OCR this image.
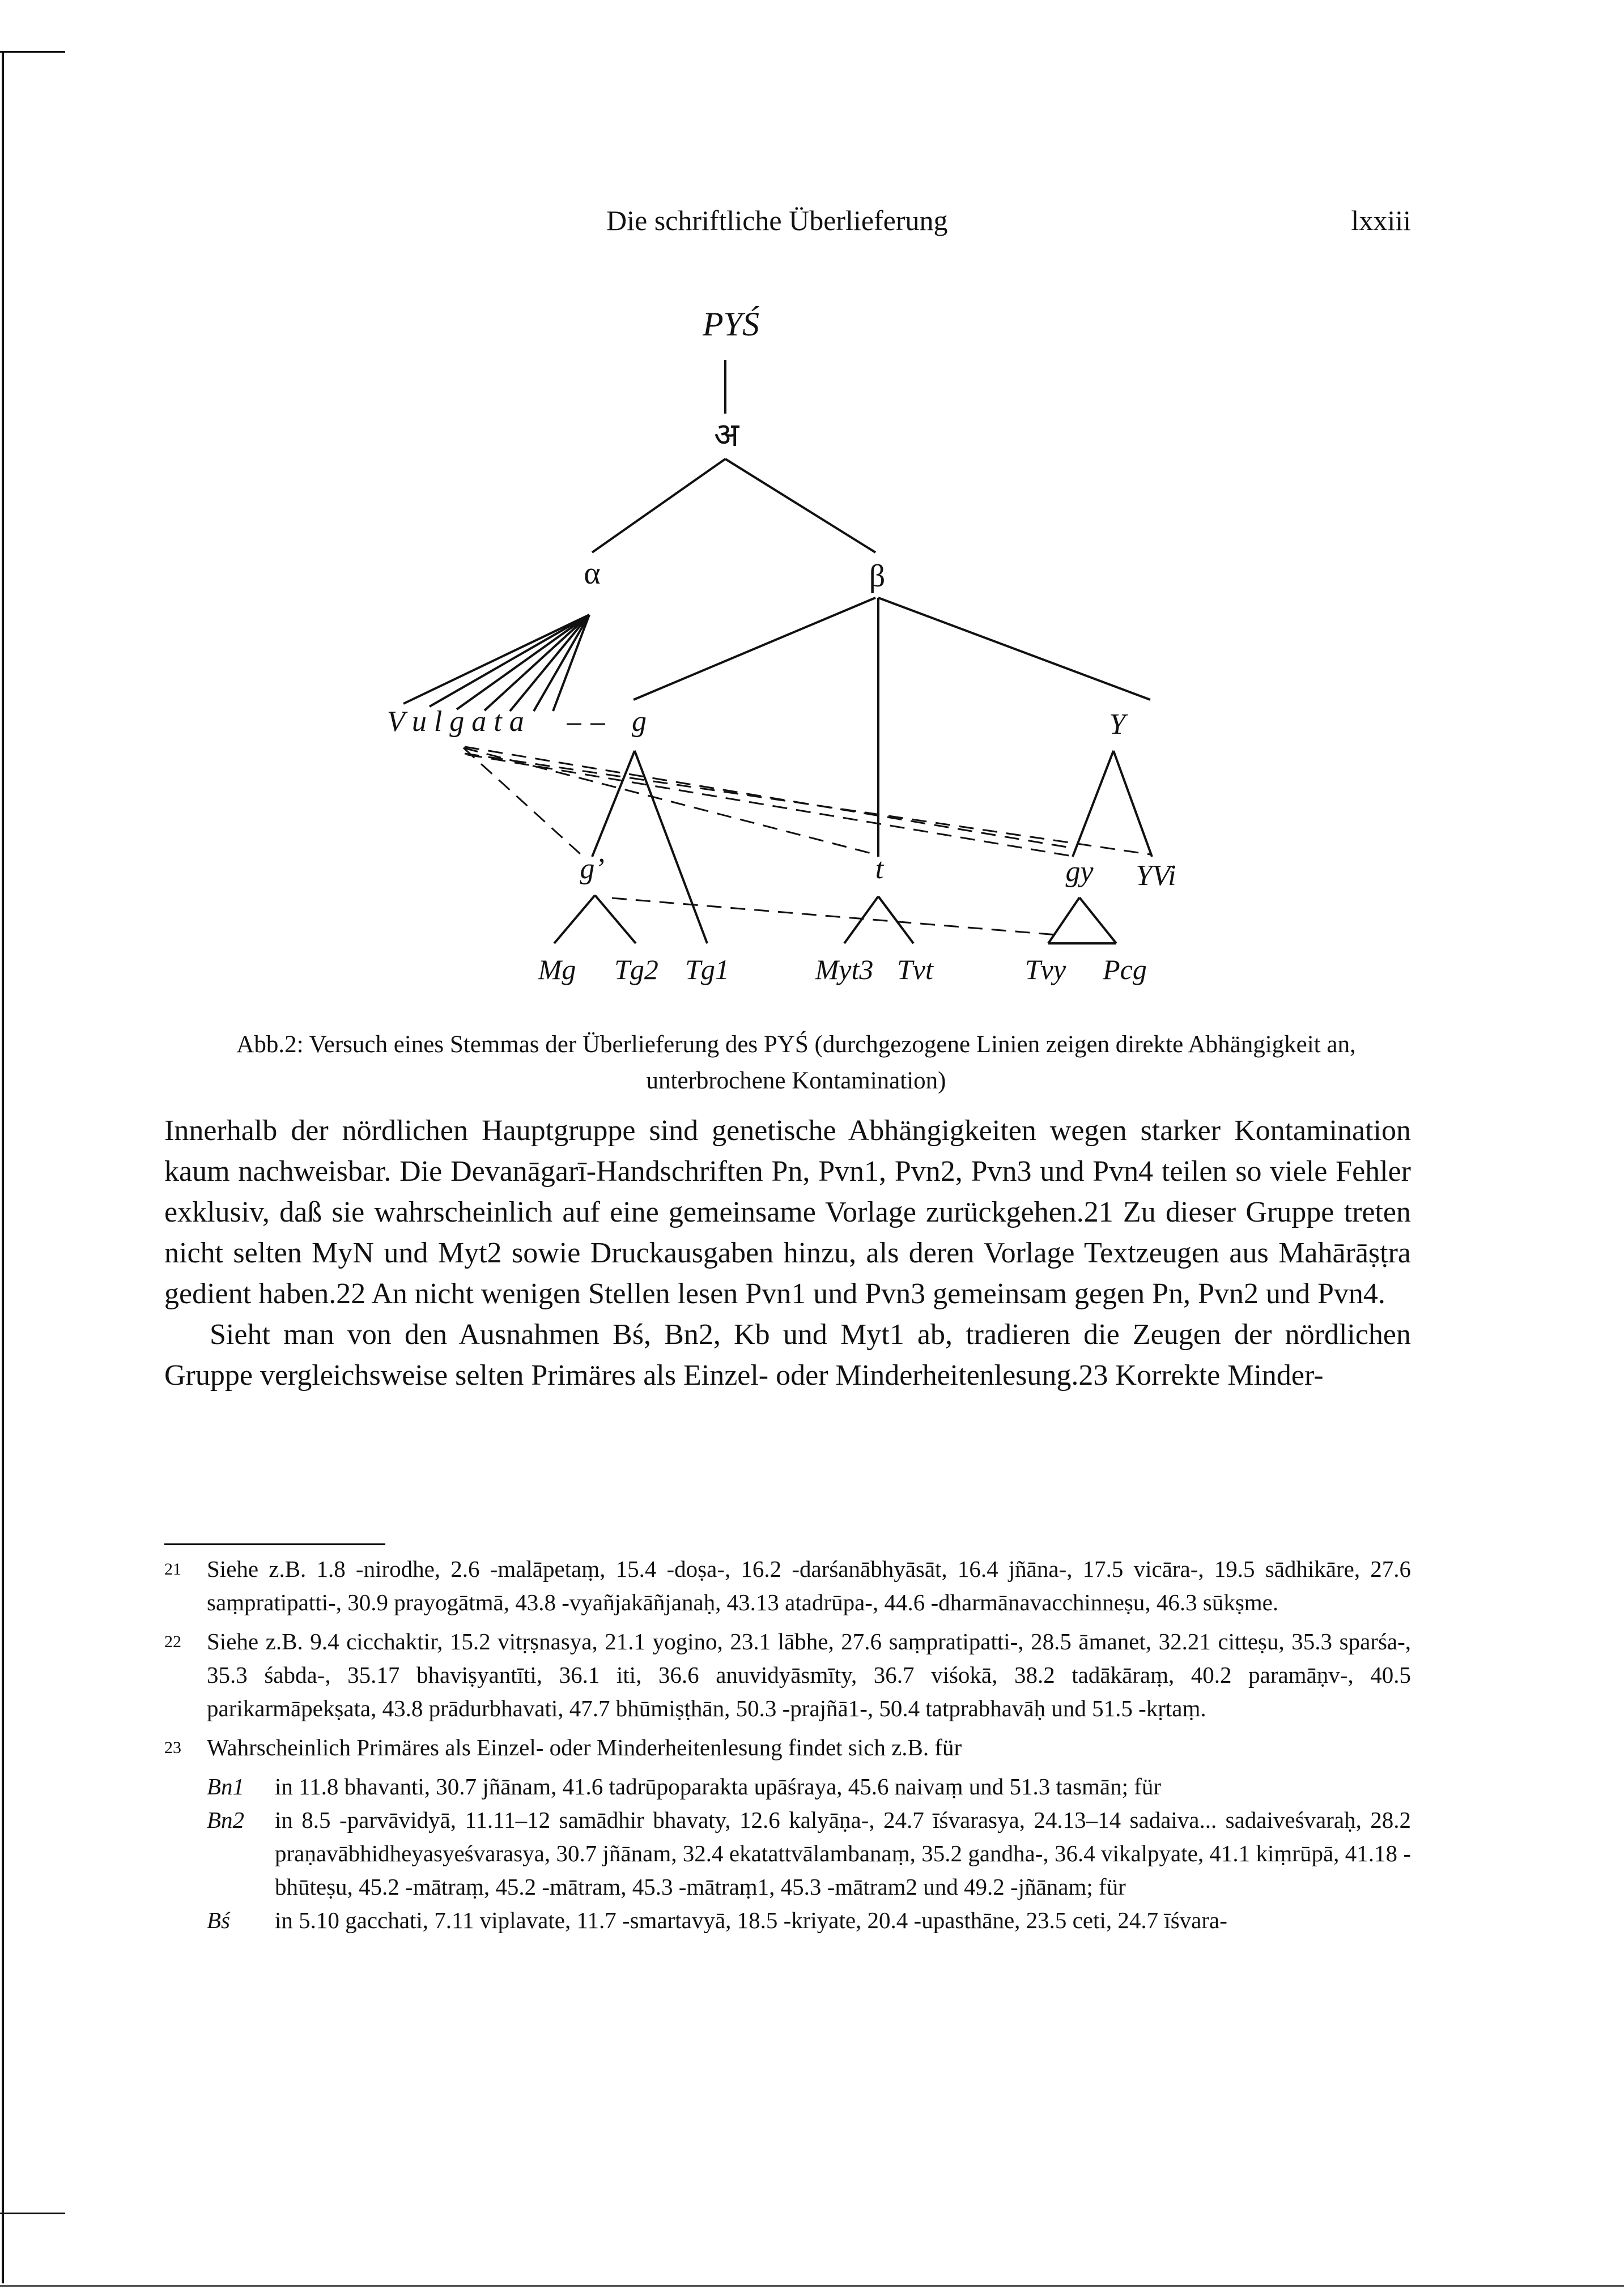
Die schriftliche Überlieferung	lxxiii
PYŚ
अ
α	β
V u l g a t a	g	Y
g’	t	gy YVi
Mg Tg2 Tg1	Myt3 Tvt	Tvy Pcg
Abb.2: Versuch eines Stemmas der Überlieferung des PYŚ (durchgezogene Linien zeigen direkte Abhängigkeit an,
unterbrochene Kontamination)

Innerhalb der nördlichen Hauptgruppe sind genetische Abhängigkeiten wegen starker Kontamination kaum nachweisbar. Die Devanāgarī-Handschriften Pn, Pvn1, Pvn2, Pvn3 und Pvn4 teilen so viele Fehler exklusiv, daß sie wahrscheinlich auf eine gemeinsame Vorlage zurückgehen.21 Zu dieser Gruppe treten nicht selten MyN und Myt2 sowie Druckausgaben hinzu, als deren Vorlage Textzeugen aus Mahārāṣṭra gedient haben.22 An nicht wenigen Stellen lesen Pvn1 und Pvn3 gemeinsam gegen Pn, Pvn2 und Pvn4.

Sieht man von den Ausnahmen Bś, Bn2, Kb und Myt1 ab, tradieren die Zeugen der nördlichen Gruppe vergleichsweise selten Primäres als Einzel- oder Minderheitenlesung.23 Korrekte Minder-

21 Siehe z.B. 1.8 -nirodhe, 2.6 -malāpetaṃ, 15.4 -doṣa-, 16.2 -darśanābhyāsāt, 16.4 jñāna-, 17.5 vicāra-, 19.5 sādhikāre, 27.6 saṃpratipatti-, 30.9 prayogātmā, 43.8 -vyañjakāñjanaḥ, 43.13 atadrūpa-, 44.6 -dharmānavacchinneṣu, 46.3 sūkṣme.
22 Siehe z.B. 9.4 cicchaktir, 15.2 vitṛṣnasya, 21.1 yogino, 23.1 lābhe, 27.6 saṃpratipatti-, 28.5 āmanet, 32.21 citteṣu, 35.3 sparśa-, 35.3 śabda-, 35.17 bhaviṣyantīti, 36.1 iti, 36.6 anuvidyāsmīty, 36.7 viśokā, 38.2 tadākāraṃ, 40.2 paramāṇv-, 40.5 parikarmāpekṣata, 43.8 prādurbhavati, 47.7 bhūmiṣṭhān, 50.3 -prajñā1-, 50.4 tatprabhavāḥ und 51.5 -kṛtaṃ.
23 Wahrscheinlich Primäres als Einzel- oder Minderheitenlesung findet sich z.B. für
Bn1 in 11.8 bhavanti, 30.7 jñānam, 41.6 tadrūpoparakta upāśraya, 45.6 naivaṃ und 51.3 tasmān; für
Bn2 in 8.5 -parvāvidyā, 11.11–12 samādhir bhavaty, 12.6 kalyāṇa-, 24.7 īśvarasya, 24.13–14 sadaiva... sadaiveśvaraḥ, 28.2 praṇavābhidheyasyeśvarasya, 30.7 jñānam, 32.4 ekatattvālambanaṃ, 35.2 gandha-, 36.4 vikalpyate, 41.1 kiṃrūpā, 41.18 -bhūteṣu, 45.2 -mātraṃ, 45.2 -mātram, 45.3 -mātraṃ1, 45.3 -mātram2 und 49.2 -jñānam; für
Bś in 5.10 gacchati, 7.11 viplavate, 11.7 -smartavyā, 18.5 -kriyate, 20.4 -upasthāne, 23.5 ceti, 24.7 īśvara-
